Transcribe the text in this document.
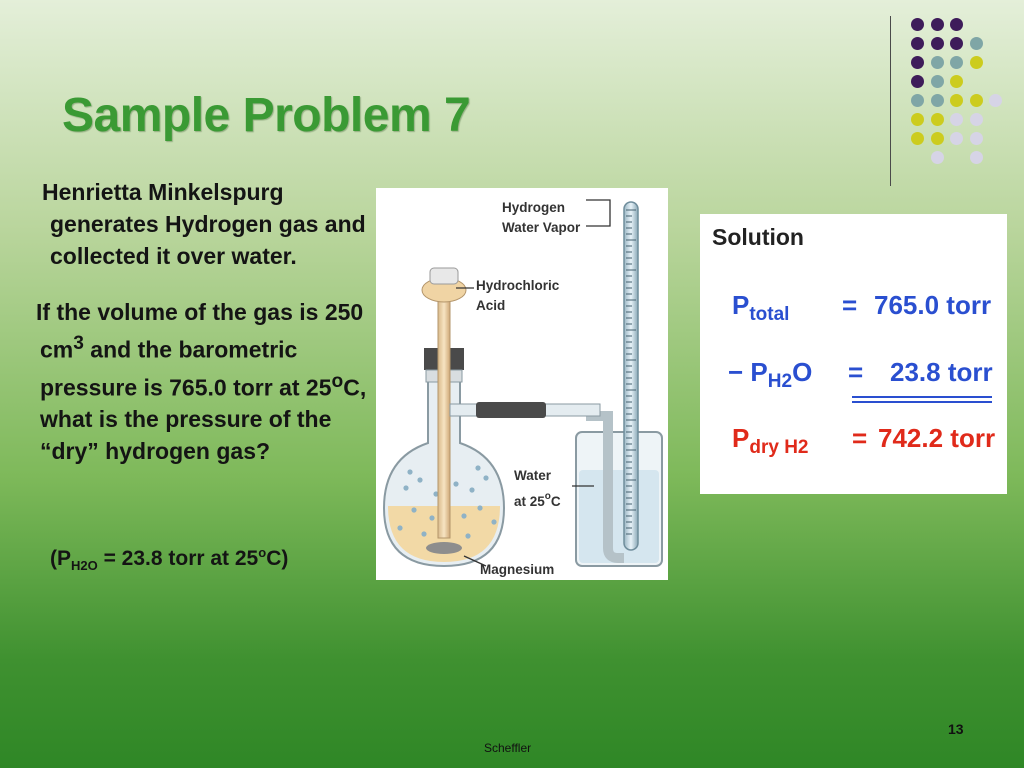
Sample Problem 7

Henrietta Minkelspurg generates Hydrogen gas and collected it over water.

If the volume of the gas is 250 $cm^3$ and the barometric pressure is 765.0 torr at 25$^o$C, what is the pressure of the “dry” hydrogen gas?

($P_{H2O} = 23.8$ torr at 25$^o$C)
Hydrogen
Water Vapor
Hydrochloric
Acid
Water
at 25$^o$C
Magnesium
Solution
$P_{total} = 765.0$ torr
− $P_{H2}O = 23.8$ torr
$P_{dry H2} = 742.2$ torr
Scheffler
13
